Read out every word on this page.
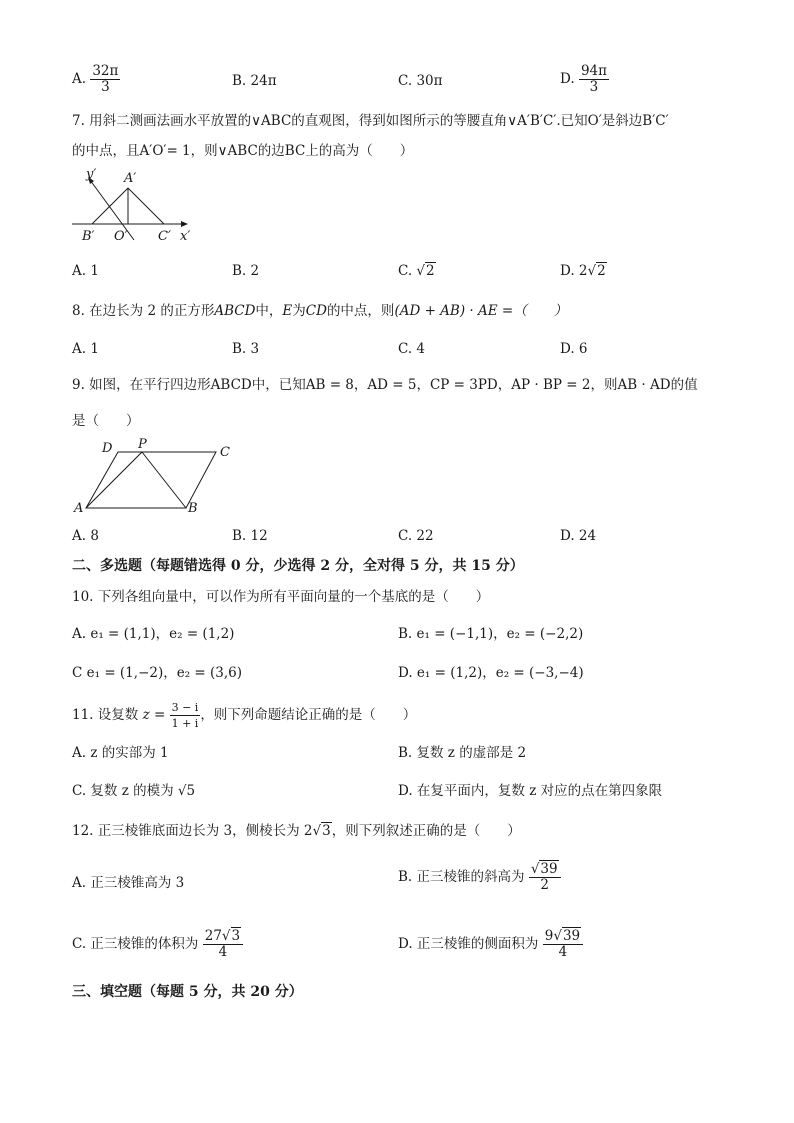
A. $\frac{32\pi}{3}$	B. 24π	C. 30π	D. $\frac{94\pi}{3}$
7. 用斜二测画法画水平放置的∨ABC的直观图，得到如图所示的等腰直角∨A′B′C′.已知O′是斜边B′C′
的中点，且A′O′= 1，则∨ABC的边BC上的高为（　　）
y′ A′
B′ O′ C′ x′
A. 1	B. 2	C. √2	D. 2√2
8. 在边长为 2 的正方形ABCD中，E为CD的中点，则(AD + AB) · AE =（　　）
A. 1	B. 3	C. 4	D. 6
9. 如图，在平行四边形ABCD中，已知AB = 8，AD = 5，CP = 3PD，AP · BP = 2，则AB · AD的值
是（　　）
D P
C
A	B
A. 8	B. 12	C. 22	D. 24
二、多选题（每题错选得 0 分，少选得 2 分，全对得 5 分，共 15 分）
10. 下列各组向量中，可以作为所有平面向量的一个基底的是（　　）
A. e₁ = (1,1)，e₂ = (1,2)	B. e₁ = (−1,1)，e₂ = (−2,2)
C e₁ = (1,−2)，e₂ = (3,6)	D. e₁ = (1,2)，e₂ = (−3,−4)
11. 设复数 $z = \frac{3 - i}{1 + i}$ ，则下列命题结论正确的是（　　）
A. z 的实部为 1	B. 复数 z 的虚部是 2
C. 复数 z 的模为 √5	D. 在复平面内，复数 z 对应的点在第四象限
12. 正三棱锥底面边长为 3，侧棱长为 2√3，则下列叙述正确的是（　　）
A. 正三棱锥高为 3	B. 正三棱锥的斜高为 $\frac{√39}{2}$
C. 正三棱锥的体积为 $\frac{27√3}{4}$	D. 正三棱锥的侧面积为 $\frac{9√39}{4}$
三、填空题（每题 5 分，共 20 分）
